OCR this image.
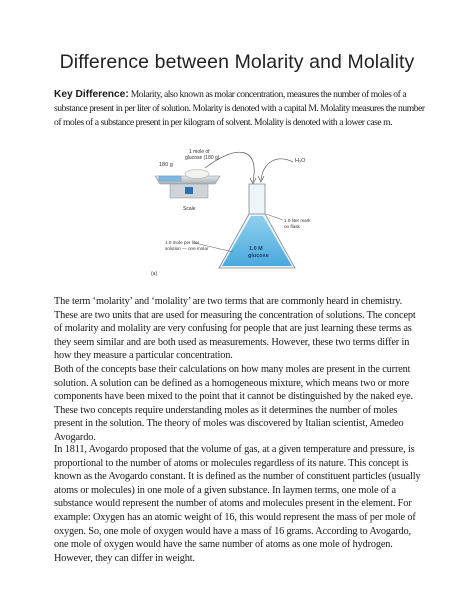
Difference between Molarity and Molality
Key Difference: Molarity, also known as molar concentration, measures the number of moles of a substance present in per liter of solution. Molarity is denoted with a capital M. Molality measures the number of moles of a substance present in per kilogram of solvent. Molality is denoted with a lower case m.
180 g
1 mole of
glucose (180 g)
Scale
H₂O
1.0 liter mark
on flask
1.0 M
glucose
1.0 mole per liter
solution — one molar
(a)

The term ‘molarity’ and ‘molality’ are two terms that are commonly heard in chemistry. These are two units that are used for measuring the concentration of solutions. The concept of molarity and molality are very confusing for people that are just learning these terms as they seem similar and are both used as measurements. However, these two terms differ in how they measure a particular concentration.

Both of the concepts base their calculations on how many moles are present in the current solution. A solution can be defined as a homogeneous mixture, which means two or more components have been mixed to the point that it cannot be distinguished by the naked eye. These two concepts require understanding moles as it determines the number of moles present in the solution. The theory of moles was discovered by Italian scientist, Amedeo Avogardo.

In 1811, Avogardo proposed that the volume of gas, at a given temperature and pressure, is proportional to the number of atoms or molecules regardless of its nature. This concept is known as the Avogardo constant. It is defined as the number of constituent particles (usually atoms or molecules) in one mole of a given substance. In laymen terms, one mole of a substance would represent the number of atoms and molecules present in the element. For example: Oxygen has an atomic weight of 16, this would represent the mass of per mole of oxygen. So, one mole of oxygen would have a mass of 16 grams. According to Avogardo, one mole of oxygen would have the same number of atoms as one mole of hydrogen. However, they can differ in weight.
